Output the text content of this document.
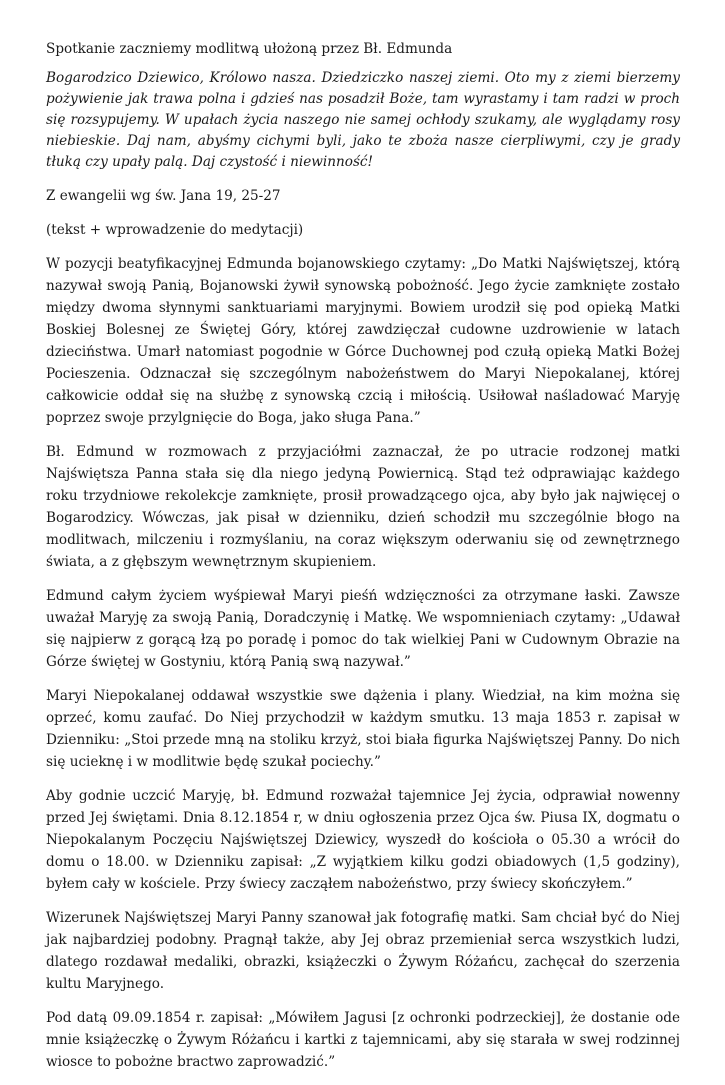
Spotkanie zaczniemy modlitwą ułożoną przez Bł. Edmunda

Bogarodzico Dziewico, Królowo nasza. Dziedziczko naszej ziemi. Oto my z ziemi bierzemy pożywienie jak trawa polna i gdzieś nas posadził Boże, tam wyrastamy i tam radzi w proch się rozsypujemy. W upałach życia naszego nie samej ochłody szukamy, ale wyglądamy rosy niebieskie. Daj nam, abyśmy cichymi byli, jako te zboża nasze cierpliwymi, czy je grady tłuką czy upały palą. Daj czystość i niewinność!

Z ewangelii wg św. Jana 19, 25-27

(tekst + wprowadzenie do medytacji)

W pozycji beatyfikacyjnej Edmunda bojanowskiego czytamy: „Do Matki Najświętszej, którą nazywał swoją Panią, Bojanowski żywił synowską pobożność. Jego życie zamknięte zostało między dwoma słynnymi sanktuariami maryjnymi. Bowiem urodził się pod opieką Matki Boskiej Bolesnej ze Świętej Góry, której zawdzięczał cudowne uzdrowienie w latach dzieciństwa. Umarł natomiast pogodnie w Górce Duchownej pod czułą opieką Matki Bożej Pocieszenia. Odznaczał się szczególnym nabożeństwem do Maryi Niepokalanej, której całkowicie oddał się na służbę z synowską czcią i miłością. Usiłował naśladować Maryję poprzez swoje przylgnięcie do Boga, jako sługa Pana.”

Bł. Edmund w rozmowach z przyjaciółmi zaznaczał, że po utracie rodzonej matki Najświętsza Panna stała się dla niego jedyną Powiernicą. Stąd też odprawiając każdego roku trzydniowe rekolekcje zamknięte, prosił prowadzącego ojca, aby było jak najwięcej o Bogarodzicy. Wówczas, jak pisał w dzienniku, dzień schodził mu szczególnie błogo na modlitwach, milczeniu i rozmyślaniu, na coraz większym oderwaniu się od zewnętrznego świata, a z głębszym wewnętrznym skupieniem.

Edmund całym życiem wyśpiewał Maryi pieśń wdzięczności za otrzymane łaski. Zawsze uważał Maryję za swoją Panią, Doradczynię i Matkę. We wspomnieniach czytamy: „Udawał się najpierw z gorącą łzą po poradę i pomoc do tak wielkiej Pani w Cudownym Obrazie na Górze świętej w Gostyniu, którą Panią swą nazywał.”

Maryi Niepokalanej oddawał wszystkie swe dążenia i plany. Wiedział, na kim można się oprzeć, komu zaufać. Do Niej przychodził w każdym smutku. 13 maja 1853 r. zapisał w Dzienniku: „Stoi przede mną na stoliku krzyż, stoi biała figurka Najświętszej Panny. Do nich się ucieknę i w modlitwie będę szukał pociechy.”

Aby godnie uczcić Maryję, bł. Edmund rozważał tajemnice Jej życia, odprawiał nowenny przed Jej świętami. Dnia 8.12.1854 r, w dniu ogłoszenia przez Ojca św. Piusa IX, dogmatu o Niepokalanym Poczęciu Najświętszej Dziewicy, wyszedł do kościoła o 05.30 a wrócił do domu o 18.00. w Dzienniku zapisał: „Z wyjątkiem kilku godzi obiadowych (1,5 godziny), byłem cały w kościele. Przy świecy zacząłem nabożeństwo, przy świecy skończyłem.”

Wizerunek Najświętszej Maryi Panny szanował jak fotografię matki. Sam chciał być do Niej jak najbardziej podobny. Pragnął także, aby Jej obraz przemieniał serca wszystkich ludzi, dlatego rozdawał medaliki, obrazki, książeczki o Żywym Różańcu, zachęcał do szerzenia kultu Maryjnego.

Pod datą 09.09.1854 r. zapisał: „Mówiłem Jagusi [z ochronki podrzeckiej], że dostanie ode mnie książeczkę o Żywym Różańcu i kartki z tajemnicami, aby się starała w swej rodzinnej wiosce to pobożne bractwo zaprowadzić.”
